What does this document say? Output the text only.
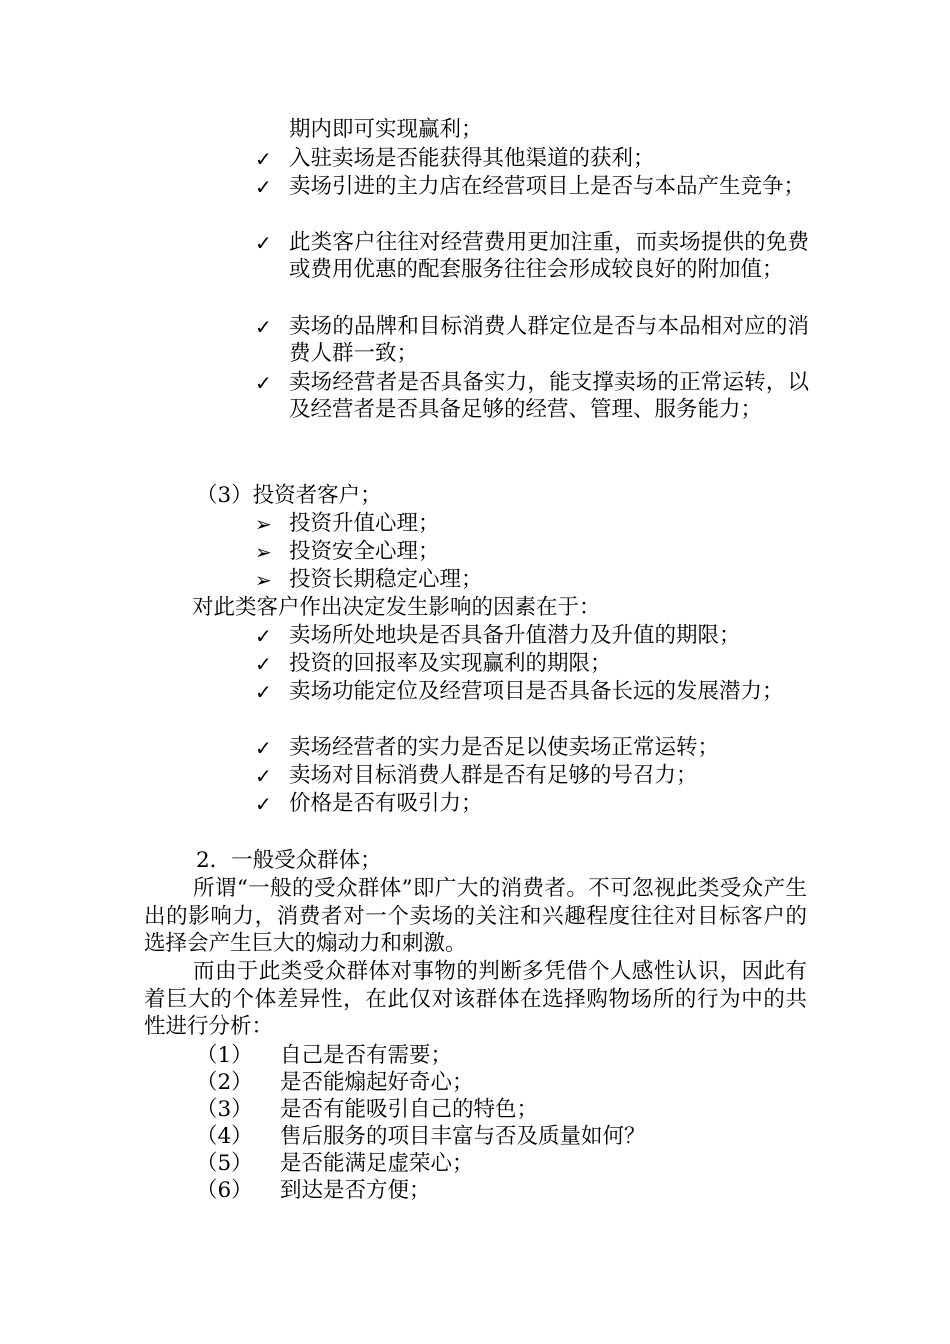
期内即可实现赢利；
✓ 入驻卖场是否能获得其他渠道的获利；
✓ 卖场引进的主力店在经营项目上是否与本品产生竞争；
✓ 此类客户往往对经营费用更加注重，而卖场提供的免费或费用优惠的配套服务往往会形成较良好的附加值；
✓ 卖场的品牌和目标消费人群定位是否与本品相对应的消费人群一致；
✓ 卖场经营者是否具备实力，能支撑卖场的正常运转，以及经营者是否具备足够的经营、管理、服务能力；
（3）投资者客户；
➢ 投资升值心理；
➢ 投资安全心理；
➢ 投资长期稳定心理；
对此类客户作出决定发生影响的因素在于：
✓ 卖场所处地块是否具备升值潜力及升值的期限；
✓ 投资的回报率及实现赢利的期限；
✓ 卖场功能定位及经营项目是否具备长远的发展潜力；
✓ 卖场经营者的实力是否足以使卖场正常运转；
✓ 卖场对目标消费人群是否有足够的号召力；
✓ 价格是否有吸引力；
2．一般受众群体；
所谓“一般的受众群体”即广大的消费者。不可忽视此类受众产生出的影响力，消费者对一个卖场的关注和兴趣程度往往对目标客户的选择会产生巨大的煽动力和刺激。
而由于此类受众群体对事物的判断多凭借个人感性认识，因此有着巨大的个体差异性，在此仅对该群体在选择购物场所的行为中的共性进行分析：
（1） 自己是否有需要；
（2） 是否能煽起好奇心；
（3） 是否有能吸引自己的特色；
（4） 售后服务的项目丰富与否及质量如何？
（5） 是否能满足虚荣心；
（6） 到达是否方便；
